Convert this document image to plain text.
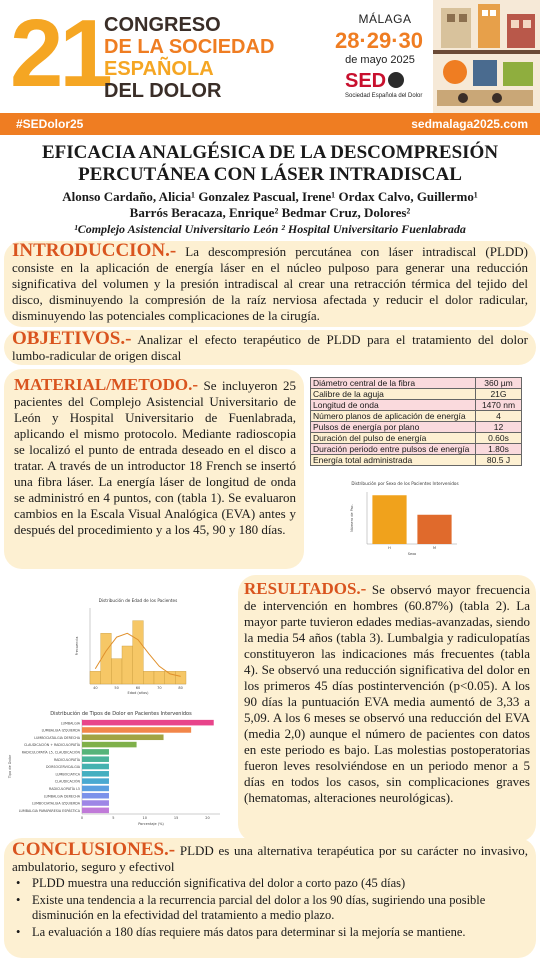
21
CONGRESO
DE LA SOCIEDAD
ESPAÑOLA
DEL DOLOR
MÁLAGA
28·29·30
de mayo 2025
SED
Sociedad Española del Dolor
#SEDolor25	sedmalaga2025.com
EFICACIA ANALGÉSICA DE LA DESCOMPRESIÓN PERCUTÁNEA CON LÁSER INTRADISCAL
Alonso Cardaño, Alicia¹ Gonzalez Pascual, Irene¹ Ordax Calvo, Guillermo¹
Barrós Beracaza, Enrique² Bedmar Cruz, Dolores²
¹Complejo Asistencial Universitario León ² Hospital Universitario Fuenlabrada

INTRODUCCION.- La descompresión percutánea con láser intradiscal (PLDD) consiste en la aplicación de energía láser en el núcleo pulposo para generar una reducción significativa del volumen y la presión intradiscal al crear una retracción térmica del tejido del disco, disminuyendo la compresión de la raíz nerviosa afectada y reducir el dolor radicular, disminuyendo las potenciales complicaciones de la cirugía.

OBJETIVOS.- Analizar el efecto terapéutico de PLDD para el tratamiento del dolor lumbo-radicular de origen discal

MATERIAL/METODO.- Se incluyeron 25 pacientes del Complejo Asistencial Universitario de León y Hospital Universitario de Fuenlabrada, aplicando el mismo protocolo. Mediante radioscopia se localizó el punto de entrada deseado en el disco a tratar. A través de un introductor 18 French se insertó una fibra láser. La energía láser de longitud de onda se administró en 4 puntos, con (tabla 1). Se evaluaron cambios en la Escala Visual Analógica (EVA) antes y después del procedimiento y a los 45, 90 y 180 días.

Diámetro central de la fibra	360 µm
Calibre de la aguja	21G
Longitud de onda	1470 nm
Número planos de aplicación de energía	4
Pulsos de energía por plano	12
Duración del pulso de energía	0.60s
Duración periodo entre pulsos de energía	1.80s
Energía total administrada	80.5 J
Distribución por Sexo de los Pacientes Intervenidos
H	M
Sexo
Número de Pac.
Distribución de Edad de los Pacientes
40	50	60	70	80
Edad (años)
Frecuencia
Distribución de Tipos de Dolor en Pacientes Intervenidos
LUMBALGIA
LUMBALGIA IZQUIERDA
LUMBOCIATALGIA DERECHA
CLAUDICACIÓN + RADICULOPATÍA
RADICULOPATÍA L5, CLAUDICACIÓN
RADICULOPATÍA
DORSOCERVICALGIA
LUMBOCIATICA
CLAUDICACIÓN
RADICULOPATÍA L5
LUMBALGIA DERECHA
LUMBOCIATALGIA IZQUIERDA
LUMBALGIA PARAPARESIA ESPÁSTICA
0	5	10	15	20
Porcentaje (%)
Tipo de Dolor

RESULTADOS.- Se observó mayor frecuencia de intervención en hombres (60.87%) (tabla 2). La mayor parte tuvieron edades medias-avanzadas, siendo la media 54 años (tabla 3). Lumbalgia y radiculopatías constituyeron las indicaciones más frecuentes (tabla 4). Se observó una reducción significativa del dolor en los primeros 45 días postintervención (p<0.05). A los 90 días la puntuación EVA media aumentó de 3,33 a 5,09. A los 6 meses se observó una reducción del EVA (media 2,0) aunque el número de pacientes con datos en este periodo es bajo. Las molestias postoperatorias fueron leves resolviéndose en un periodo menor a 5 días en todos los casos, sin complicaciones graves (hematomas, alteraciones neurológicas).

CONCLUSIONES.- PLDD es una alternativa terapéutica por su carácter no invasivo, ambulatorio, seguro y efectivol

• PLDD muestra una reducción significativa del dolor a corto pazo (45 días)
• Existe una tendencia a la recurrencia parcial del dolor a los 90 días, sugiriendo una posible disminución en la efectividad del tratamiento a medio plazo.
• La evaluación a 180 días requiere más datos para determinar si la mejoría se mantiene.
